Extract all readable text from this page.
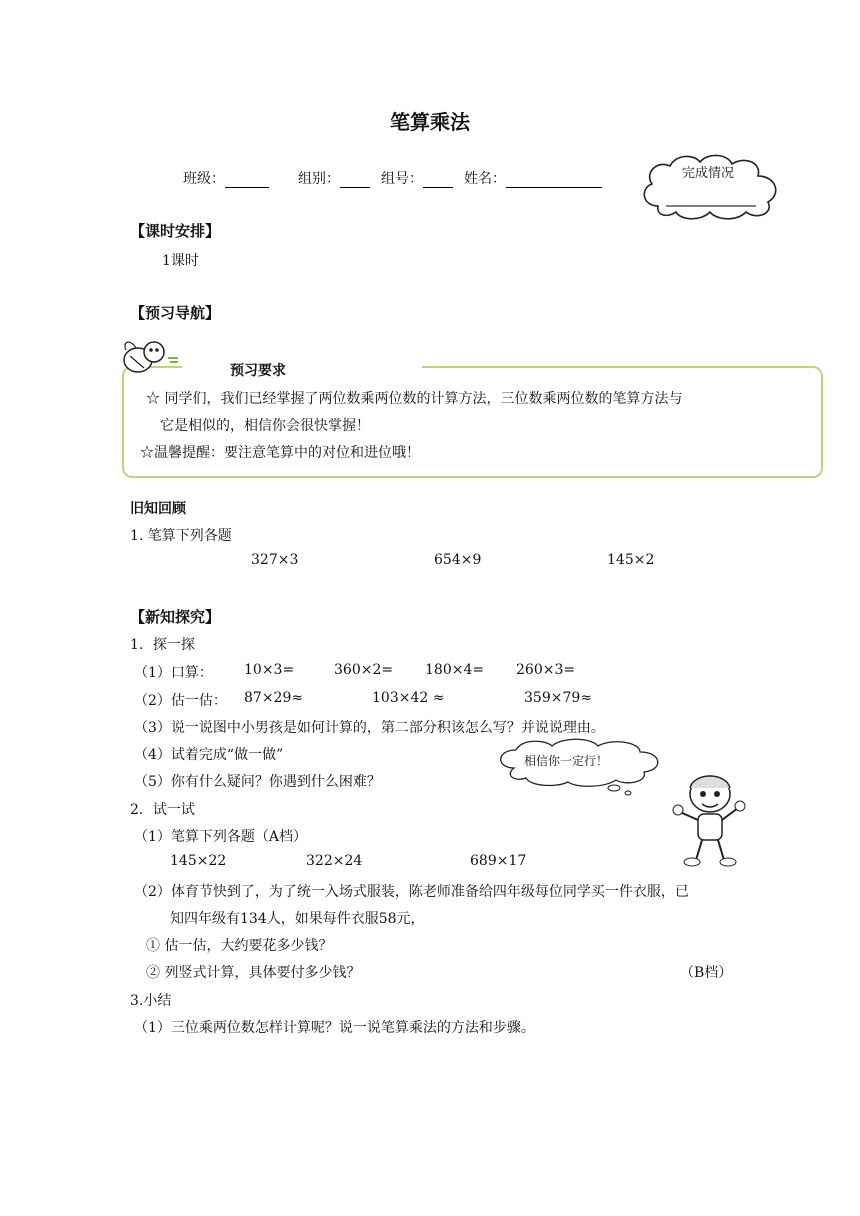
笔算乘法
班级：	组别：	组号：	姓名：	完成情况
【课时安排】
1课时
【预习导航】
预习要求
☆ 同学们，我们已经掌握了两位数乘两位数的计算方法，三位数乘两位数的笔算方法与
它是相似的，相信你会很快掌握！
☆温馨提醒：要注意笔算中的对位和进位哦！
旧知回顾
1. 笔算下列各题
327×3	654×9	145×2
【新知探究】
1．探一探
（1）口算： 10×3=	360×2= 180×4= 260×3=
（2）估一估： 87×29≈	103×42 ≈	359×79≈
（3）说一说图中小男孩是如何计算的，第二部分积该怎么写？并说说理由。
（4）试着完成“做一做”
（5）你有什么疑问？你遇到什么困难？
相信你一定行！
2．试一试
（1）笔算下列各题（A档）
145×22	322×24	689×17
（2）体育节快到了，为了统一入场式服装，陈老师准备给四年级每位同学买一件衣服，已
知四年级有134人，如果每件衣服58元，
① 估一估，大约要花多少钱？
② 列竖式计算，具体要付多少钱？	（B档）
3.小结
（1）三位乘两位数怎样计算呢？说一说笔算乘法的方法和步骤。
